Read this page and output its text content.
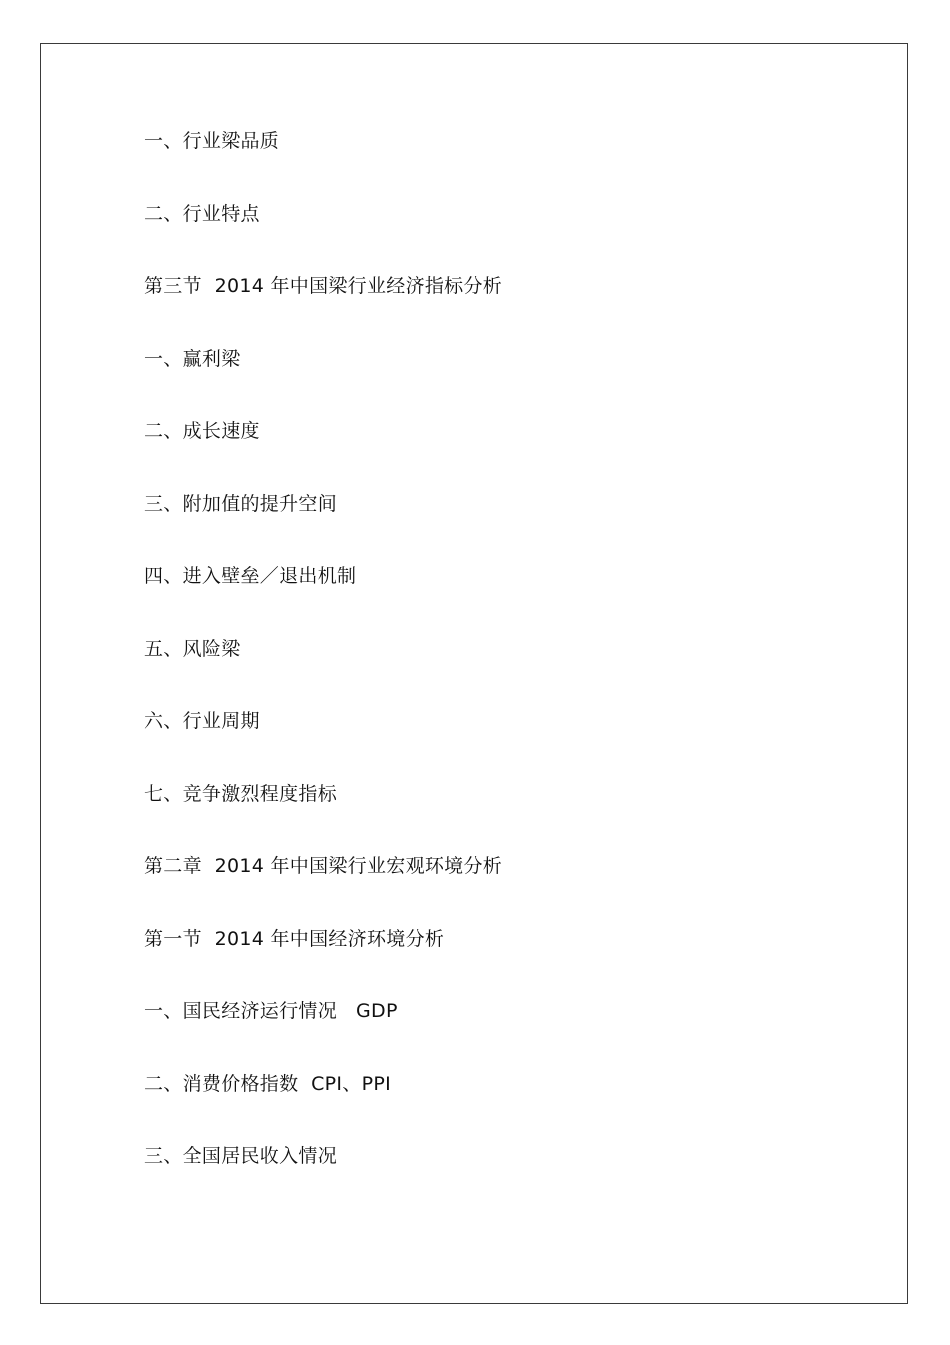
一、行业梁品质
二、行业特点
第三节  2014 年中国梁行业经济指标分析
一、赢利梁
二、成长速度
三、附加值的提升空间
四、进入壁垒／退出机制
五、风险梁
六、行业周期
七、竞争激烈程度指标
第二章  2014 年中国梁行业宏观环境分析
第一节  2014 年中国经济环境分析
一、国民经济运行情况   GDP
二、消费价格指数  CPI、PPI
三、全国居民收入情况
